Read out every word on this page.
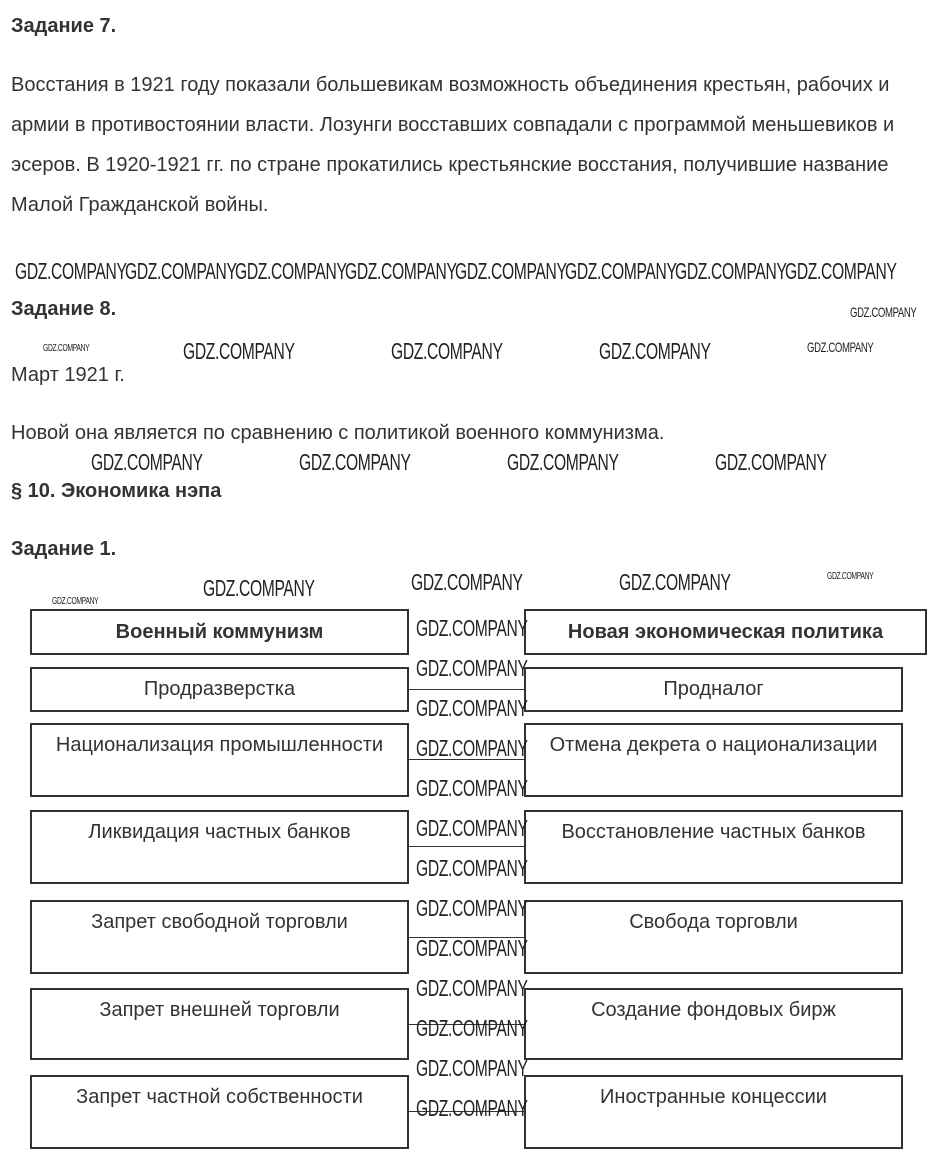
Задание 7.
Восстания в 1921 году показали большевикам возможность объединения крестьян, рабочих и армии в противостоянии власти. Лозунги восставших совпадали с программой меньшевиков и эсеров. В 1920-1921 гг. по стране прокатились крестьянские восстания, получившие название Малой Гражданской войны.
Задание 8.
Март 1921 г.
Новой она является по сравнению с политикой военного коммунизма.
§ 10. Экономика нэпа
Задание 1.
Военный коммунизм	Новая экономическая политика
Продразверстка	Продналог
Национализация промышленности	Отмена декрета о национализации
Ликвидация частных банков	Восстановление частных банков
Запрет свободной торговли	Свобода торговли
Запрет внешней торговли	Создание фондовых бирж
Запрет частной собственности	Иностранные концессии
GDZ.COMPANY
GDZ.COMPANY
GDZ.COMPANY
GDZ.COMPANY
GDZ.COMPANY
GDZ.COMPANY
GDZ.COMPANY
GDZ.COMPANY
GDZ.COMPANY
GDZ.COMPANY	GDZ.COMPANY	GDZ.COMPANY	GDZ.COMPANY	GDZ.COMPANY
GDZ.COMPANY	GDZ.COMPANY	GDZ.COMPANY	GDZ.COMPANY
GDZ.COMPANY	GDZ.COMPANY	GDZ.COMPANY	GDZ.COMPANY
GDZ.COMPANY
GDZ.COMPANY
GDZ.COMPANY
GDZ.COMPANY
GDZ.COMPANY
GDZ.COMPANY
GDZ.COMPANY
GDZ.COMPANY
GDZ.COMPANY
GDZ.COMPANY
GDZ.COMPANY
GDZ.COMPANY
GDZ.COMPANY
GDZ.COMPANY
